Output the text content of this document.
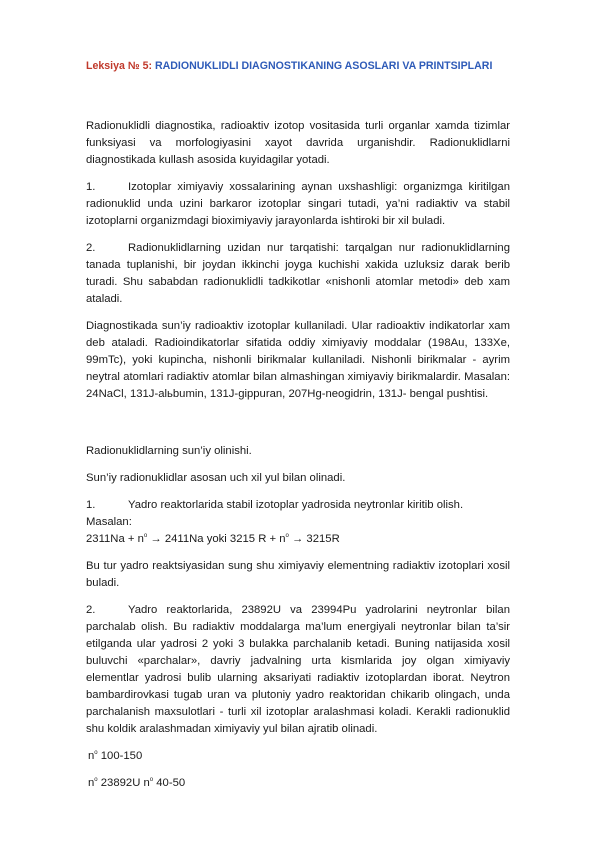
Leksiya № 5: RADIONUKLIDLI DIAGNOSTIKANING ASOSLARI VA PRINTSIPLARI

Radionuklidli diagnostika, radioaktiv izotop vositasida turli organlar xamda tizimlar funksiyasi va morfologiyasini xayot davrida urganishdir. Radionuklidlarni diagnostikada kullash asosida kuyidagilar yotadi.

1.	Izotoplar ximiyaviy xossalarining aynan uxshashligi: organizmga kiritilgan radionuklid unda uzini barkaror izotoplar singari tutadi, ya’ni radiaktiv va stabil izotoplarni organizmdagi bioximiyaviy jarayonlarda ishtiroki bir xil buladi.

2.	Radionuklidlarning uzidan nur tarqatishi: tarqalgan nur radionuklidlarning tanada tuplanishi, bir joydan ikkinchi joyga kuchishi xakida uzluksiz darak berib turadi. Shu sababdan radionuklidli tadkikotlar «nishonli atomlar metodi» deb xam ataladi.

Diagnostikada sun’iy radioaktiv izotoplar kullaniladi. Ular radioaktiv indikatorlar xam deb ataladi. Radioindikatorlar sifatida oddiy ximiyaviy moddalar (198Au, 133Xe, 99mTc), yoki kupincha, nishonli birikmalar kullaniladi. Nishonli birikmalar - ayrim neytral atomlari radiaktiv atomlar bilan almashingan ximiyaviy birikmalardir. Masalan: 24NaCl, 131J-alьbumin, 131J-gippuran, 207Hg-neogidrin, 131J- bengal pushtisi.

Radionuklidlarning sun’iy olinishi.

Sun’iy radionuklidlar asosan uch xil yul bilan olinadi.

1.	Yadro reaktorlarida stabil izotoplar yadrosida neytronlar kiritib olish. Masalan:
$2311Na + n^o \to 2411Na$ yoki 3215 $R + n^o \to 3215R$

Bu tur yadro reaktsiyasidan sung shu ximiyaviy elementning radiaktiv izotoplari xosil buladi.

2.	Yadro reaktorlarida, 23892U va 23994Pu yadrolarini neytronlar bilan parchalab olish. Bu radiaktiv moddalarga ma’lum energiyali neytronlar bilan ta’sir etilganda ular yadrosi 2 yoki 3 bulakka parchalanib ketadi. Buning natijasida xosil buluvchi «parchalar», davriy jadvalning urta kismlarida joy olgan ximiyaviy elementlar yadrosi bulib ularning aksariyati radiaktiv izotoplardan iborat. Neytron bambardirovkasi tugab uran va plutoniy yadro reaktoridan chikarib olingach, unda parchalanish maxsulotlari - turli xil izotoplar aralashmasi koladi. Kerakli radionuklid shu koldik aralashmadan ximiyaviy yul bilan ajratib olinadi.

$n^o$ 100-150

$n^o$ 23892U $n^o$ 40-50
